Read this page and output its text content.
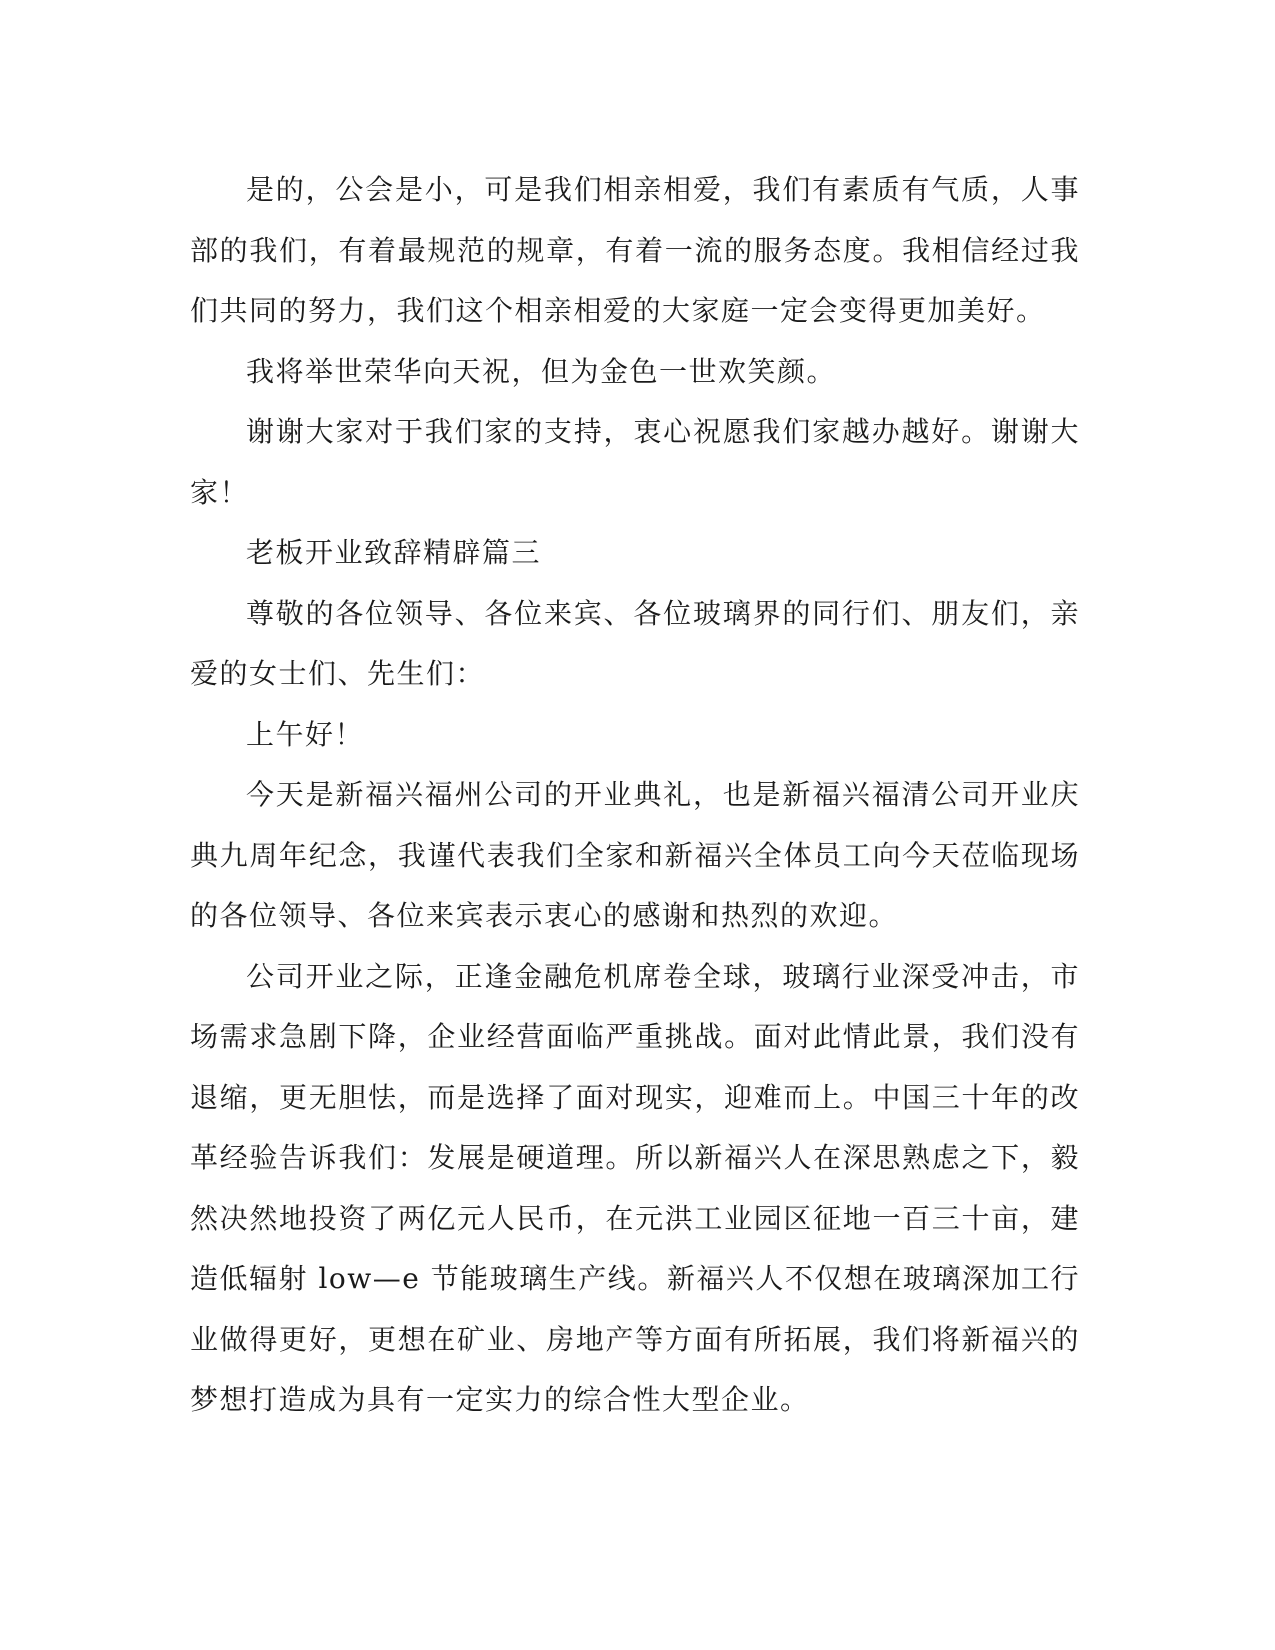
是的，公会是小，可是我们相亲相爱，我们有素质有气质，人事部的我们，有着最规范的规章，有着一流的服务态度。我相信经过我们共同的努力，我们这个相亲相爱的大家庭一定会变得更加美好。

我将举世荣华向天祝，但为金色一世欢笑颜。

谢谢大家对于我们家的支持，衷心祝愿我们家越办越好。谢谢大家！

老板开业致辞精辟篇三

尊敬的各位领导、各位来宾、各位玻璃界的同行们、朋友们，亲爱的女士们、先生们：

上午好！

今天是新福兴福州公司的开业典礼，也是新福兴福清公司开业庆典九周年纪念，我谨代表我们全家和新福兴全体员工向今天莅临现场的各位领导、各位来宾表示衷心的感谢和热烈的欢迎。

公司开业之际，正逢金融危机席卷全球，玻璃行业深受冲击，市场需求急剧下降，企业经营面临严重挑战。面对此情此景，我们没有退缩，更无胆怯，而是选择了面对现实，迎难而上。中国三十年的改革经验告诉我们：发展是硬道理。所以新福兴人在深思熟虑之下，毅然决然地投资了两亿元人民币，在元洪工业园区征地一百三十亩，建造低辐射 low—e 节能玻璃生产线。新福兴人不仅想在玻璃深加工行业做得更好，更想在矿业、房地产等方面有所拓展，我们将新福兴的梦想打造成为具有一定实力的综合性大型企业。
